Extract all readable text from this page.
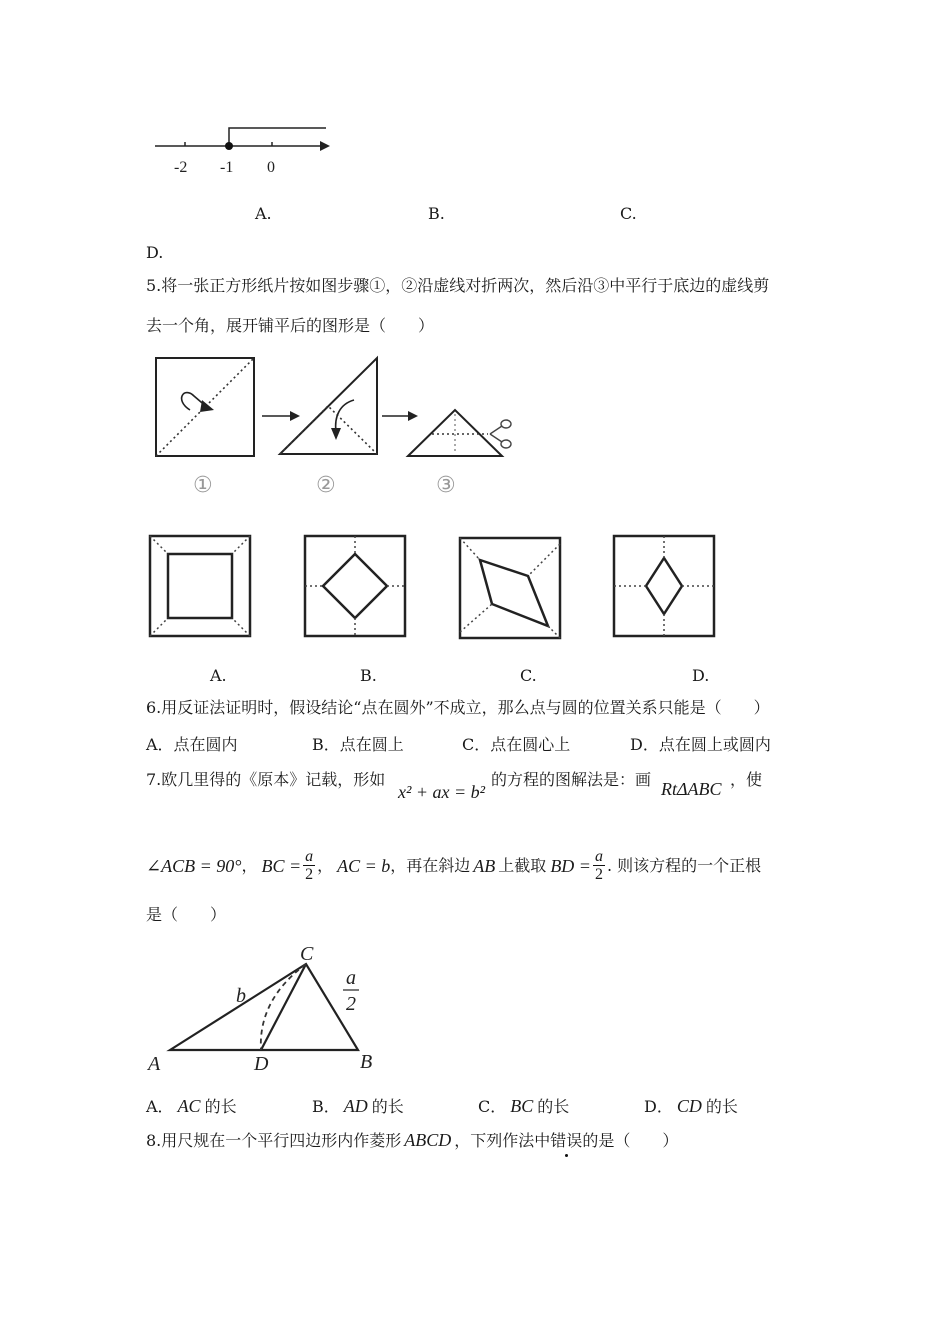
-2 -1 0
A.	B.	C.
D.
5.将一张正方形纸片按如图步骤①，②沿虚线对折两次，然后沿③中平行于底边的虚线剪
去一个角，展开铺平后的图形是（　　）
①	②	③
A.	B.	C.	D.
6.用反证法证明时，假设结论“点在圆外”不成立，那么点与圆的位置关系只能是（　　）
A．点在圆内	B．点在圆上	C．点在圆心上	D．点在圆上或圆内
7.欧几里得的《原本》记载，形如
x² + ax = b²
的方程的图解法是：画 RtΔABC ，使
∠ACB = 90° ， BC = $\frac{a}{2}$ ， AC = b ，再在斜边 AB 上截取 BD = $\frac{a}{2}$ . 则该方程的一个正根
是（　　）
C
A	D	B
b
a
2
A． AC 的长	B． AD 的长	C． BC 的长	D． CD 的长
8.用尺规在一个平行四边形内作菱形 ABCD ，下列作法中错误的是（　　）
